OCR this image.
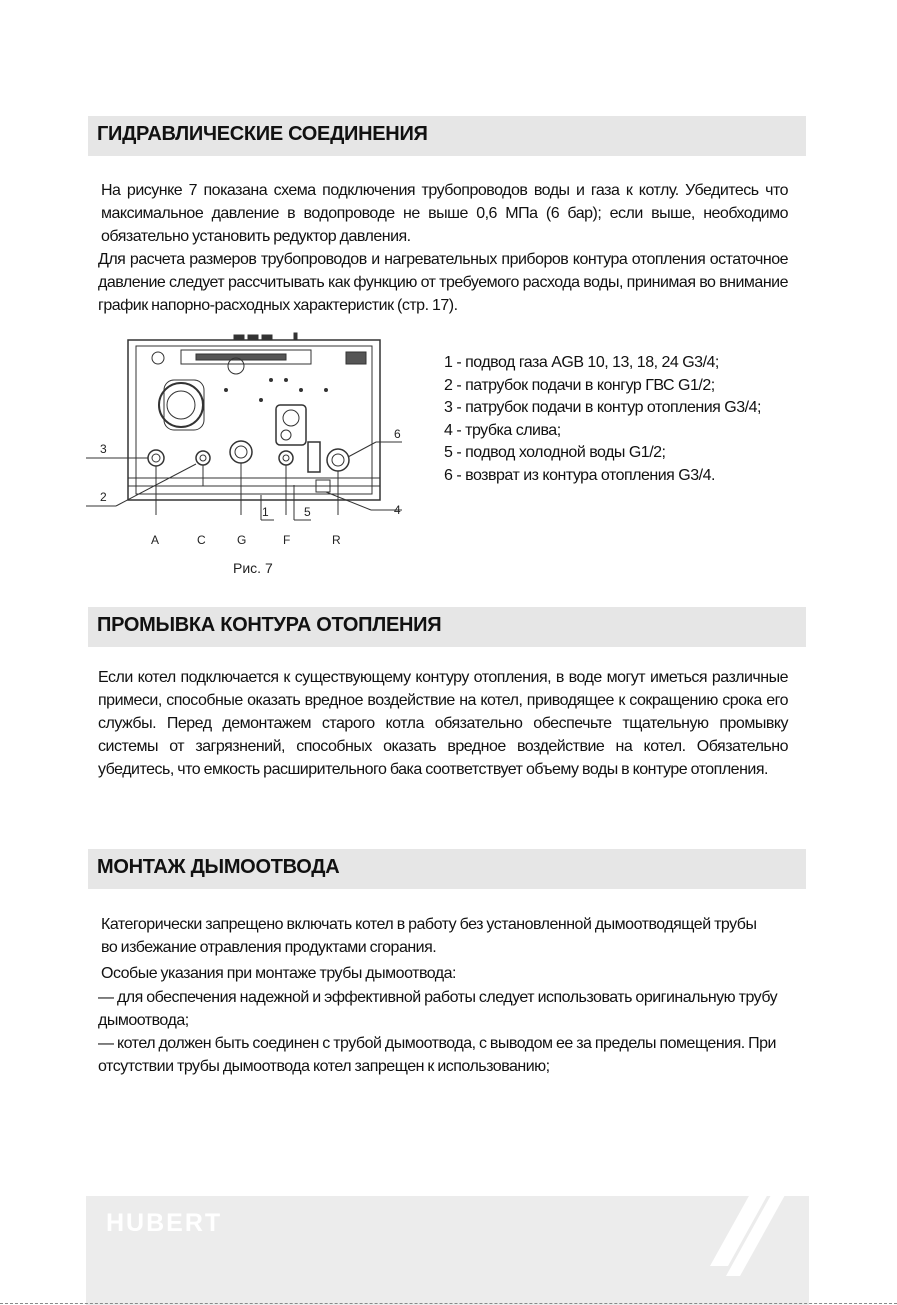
ГИДРАВЛИЧЕСКИЕ СОЕДИНЕНИЯ

На рисунке 7 показана схема подключения трубопроводов воды и газа к котлу. Убедитесь что максимальное давление в водопроводе не выше 0,6 МПа (6 бар); если выше, необходимо обязательно установить редуктор давления.

Для расчета размеров трубопроводов и нагревательных приборов контура отопления остаточное давление следует рассчитывать как функцию от требуемого расхода воды, принимая во внимание график напорно-расходных характеристик (стр. 17).

3
2
1	5
6
4
A	C	G	F	R
Рис. 7
1 - подвод газа AGB 10, 13, 18, 24 G3/4;
2 - патрубок подачи в конгур ГВС G1/2;
3 - патрубок подачи в контур отопления G3/4;
4 - трубка слива;
5 - подвод холодной воды G1/2;
6 - возврат из контура отопления G3/4.
ПРОМЫВКА КОНТУРА ОТОПЛЕНИЯ

Если котел подключается к существующему контуру отопления, в воде могут иметься различные примеси, способные оказать вредное воздействие на котел, приводящее к сокращению срока его службы. Перед демонтажем старого котла обязательно обеспечьте тщательную промывку системы от загрязнений, способных оказать вредное воздействие на котел. Обязательно убедитесь, что емкость расширительного бака соответствует объему воды в контуре отопления.

МОНТАЖ ДЫМООТВОДА

Категорически запрещено включать котел в работу без установленной дымоотводящей трубы во избежание отравления продуктами сгорания.

Особые указания при монтаже трубы дымоотвода:

— для обеспечения надежной и эффективной работы следует использовать оригинальную трубу дымоотвода;

— котел должен быть соединен с трубой дымоотвода, с выводом ее за пределы помещения. При отсутствии трубы дымоотвода котел запрещен к использованию;

HUBERT
